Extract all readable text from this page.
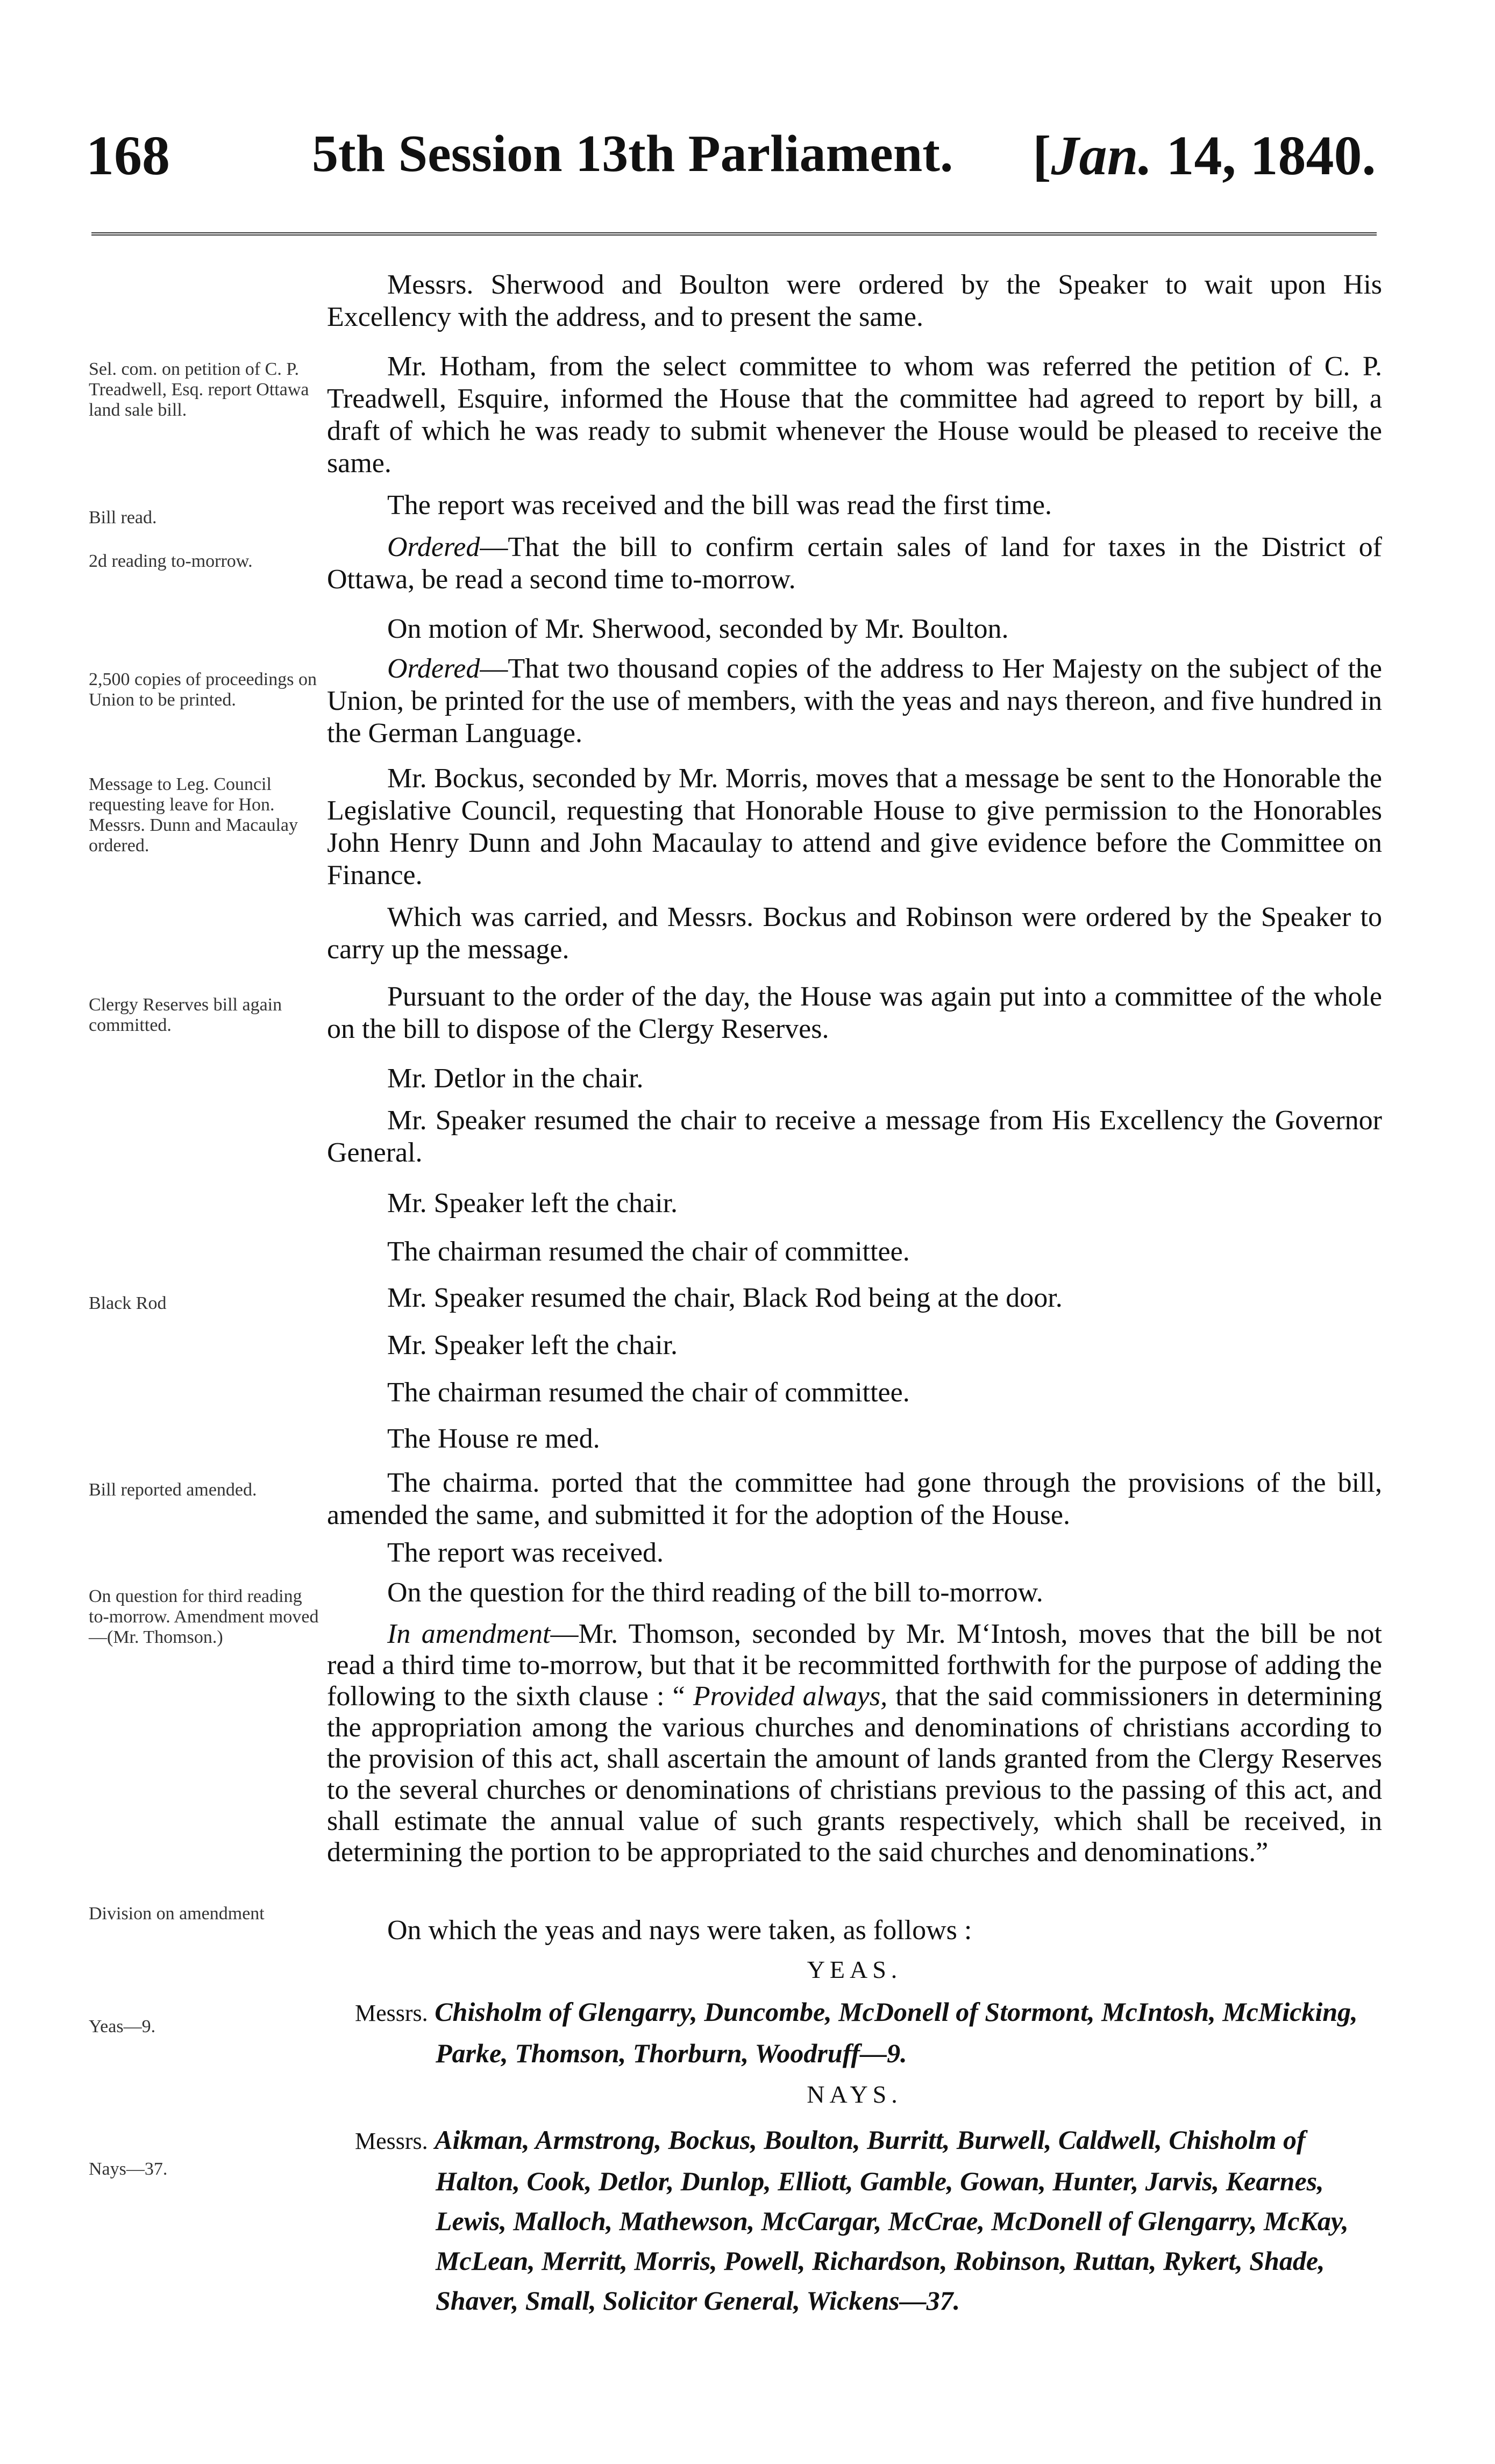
168	5th Session 13th Parliament. [Jan. 14, 1840.
Sel. com. on petition of C. P. Treadwell, Esq. report Ottawa land sale bill.
Bill read.
2d reading to-morrow.
2,500 copies of proceedings on Union to be printed.
Message to Leg. Council requesting leave for Hon. Messrs. Dunn and Macaulay ordered.
Clergy Reserves bill again committed.
Black Rod
Bill reported amended.
On question for third reading to-morrow. Amendment moved—(Mr. Thomson.)
Division on amendment
Yeas—9.
Nays—37.
Messrs. Sherwood and Boulton were ordered by the Speaker to wait upon His Excellency with the address, and to present the same.
Mr. Hotham, from the select committee to whom was referred the petition of C. P. Treadwell, Esquire, informed the House that the committee had agreed to report by bill, a draft of which he was ready to submit whenever the House would be pleased to receive the same.
The report was received and the bill was read the first time.
Ordered—That the bill to confirm certain sales of land for taxes in the District of Ottawa, be read a second time to-morrow.
On motion of Mr. Sherwood, seconded by Mr. Boulton.
Ordered—That two thousand copies of the address to Her Majesty on the subject of the Union, be printed for the use of members, with the yeas and nays thereon, and five hundred in the German Language.
Mr. Bockus, seconded by Mr. Morris, moves that a message be sent to the Honorable the Legislative Council, requesting that Honorable House to give permission to the Honorables John Henry Dunn and John Macaulay to attend and give evidence before the Committee on Finance.
Which was carried, and Messrs. Bockus and Robinson were ordered by the Speaker to carry up the message.
Pursuant to the order of the day, the House was again put into a committee of the whole on the bill to dispose of the Clergy Reserves.
Mr. Detlor in the chair.
Mr. Speaker resumed the chair to receive a message from His Excellency the Governor General.
Mr. Speaker left the chair.
The chairman resumed the chair of committee.
Mr. Speaker resumed the chair, Black Rod being at the door.
Mr. Speaker left the chair.
The chairman resumed the chair of committee.
The House re med.
The chairma. ported that the committee had gone through the provisions of the bill, amended the same, and submitted it for the adoption of the House.
The report was received.
On the question for the third reading of the bill to-morrow.
In amendment—Mr. Thomson, seconded by Mr. M‘Intosh, moves that the bill be not read a third time to-morrow, but that it be recommitted forthwith for the purpose of adding the following to the sixth clause : “ Provided always, that the said commissioners in determining the appropriation among the various churches and denominations of christians according to the provision of this act, shall ascertain the amount of lands granted from the Clergy Reserves to the several churches or denominations of christians previous to the passing of this act, and shall estimate the annual value of such grants respectively, which shall be received, in determining the portion to be appropriated to the said churches and denominations.”
On which the yeas and nays were taken, as follows :
YEAS.
Messrs. Chisholm of Glengarry, Duncombe, McDonell of Stormont, McIntosh, McMicking, Parke, Thomson, Thorburn, Woodruff—9.
NAYS.
Messrs. Aikman, Armstrong, Bockus, Boulton, Burritt, Burwell, Caldwell, Chisholm of Halton, Cook, Detlor, Dunlop, Elliott, Gamble, Gowan, Hunter, Jarvis, Kearnes, Lewis, Malloch, Mathewson, McCargar, McCrae, McDonell of Glengarry, McKay, McLean, Merritt, Morris, Powell, Richardson, Robinson, Ruttan, Rykert, Shade, Shaver, Small, Solicitor General, Wickens—37.
